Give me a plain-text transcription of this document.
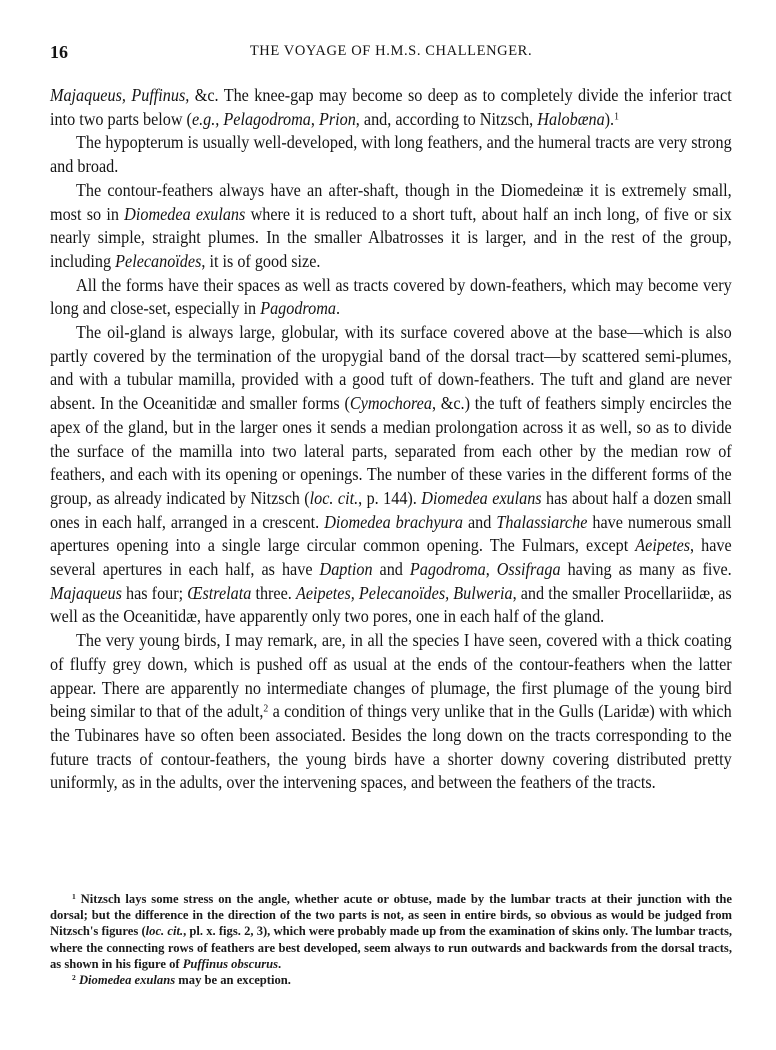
16	THE VOYAGE OF H.M.S. CHALLENGER.

Majaqueus, Puffinus, &c. The knee-gap may become so deep as to completely divide the inferior tract into two parts below (e.g., Pelagodroma, Prion, and, according to Nitzsch, Halobæna).$^1$

The hypopterum is usually well-developed, with long feathers, and the humeral tracts are very strong and broad.

The contour-feathers always have an after-shaft, though in the Diomedeinæ it is extremely small, most so in Diomedea exulans where it is reduced to a short tuft, about half an inch long, of five or six nearly simple, straight plumes. In the smaller Albatrosses it is larger, and in the rest of the group, including Pelecanoïdes, it is of good size.

All the forms have their spaces as well as tracts covered by down-feathers, which may become very long and close-set, especially in Pagodroma.

The oil-gland is always large, globular, with its surface covered above at the base—which is also partly covered by the termination of the uropygial band of the dorsal tract—by scattered semi-plumes, and with a tubular mamilla, provided with a good tuft of down-feathers. The tuft and gland are never absent. In the Oceanitidæ and smaller forms (Cymochorea, &c.) the tuft of feathers simply encircles the apex of the gland, but in the larger ones it sends a median prolongation across it as well, so as to divide the surface of the mamilla into two lateral parts, separated from each other by the median row of feathers, and each with its opening or openings. The number of these varies in the different forms of the group, as already indicated by Nitzsch (loc. cit., p. 144). Diomedea exulans has about half a dozen small ones in each half, arranged in a crescent. Diomedea brachyura and Thalassiarche have numerous small apertures opening into a single large circular common opening. The Fulmars, except Aeipetes, have several apertures in each half, as have Daption and Pagodroma, Ossifraga having as many as five. Majaqueus has four; Œstrelata three. Aeipetes, Pelecanoïdes, Bulweria, and the smaller Procellariidæ, as well as the Oceanitidæ, have apparently only two pores, one in each half of the gland.

The very young birds, I may remark, are, in all the species I have seen, covered with a thick coating of fluffy grey down, which is pushed off as usual at the ends of the contour-feathers when the latter appear. There are apparently no intermediate changes of plumage, the first plumage of the young bird being similar to that of the adult,$^2$ a condition of things very unlike that in the Gulls (Laridæ) with which the Tubinares have so often been associated. Besides the long down on the tracts corresponding to the future tracts of contour-feathers, the young birds have a shorter downy covering distributed pretty uniformly, as in the adults, over the intervening spaces, and between the feathers of the tracts.

$^1$ Nitzsch lays some stress on the angle, whether acute or obtuse, made by the lumbar tracts at their junction with the dorsal; but the difference in the direction of the two parts is not, as seen in entire birds, so obvious as would be judged from Nitzsch's figures (loc. cit., pl. x. figs. 2, 3), which were probably made up from the examination of skins only. The lumbar tracts, where the connecting rows of feathers are best developed, seem always to run outwards and backwards from the dorsal tracts, as shown in his figure of Puffinus obscurus.

$^2$ Diomedea exulans may be an exception.
